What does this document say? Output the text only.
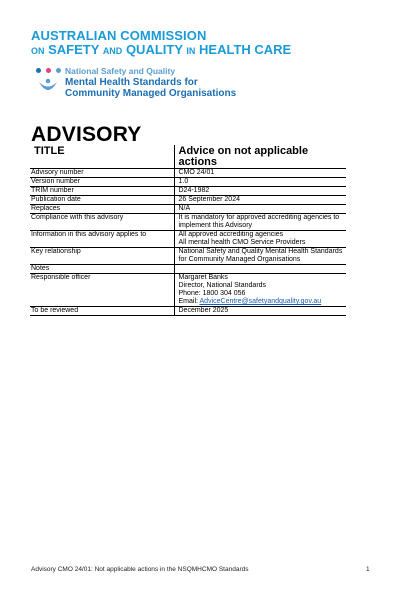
AUSTRALIAN COMMISSION
ON SAFETY AND QUALITY IN HEALTH CARE
National Safety and Quality
Mental Health Standards for
Community Managed Organisations
ADVISORY
TITLE	Advice on not applicable actions
Advisory number	CMO 24/01

Version number	1.0

TRIM number	D24-1982

Publication date	26 September 2024

Replaces	N/A

Compliance with this advisory	It is mandatory for approved accrediting agencies to
implement this Advisory

Information in this advisory applies to	All approved accrediting agencies
All mental health CMO Service Providers

Key relationship	National Safety and Quality Mental Health Standards
for Community Managed Organisations

Notes	

Responsible officer	Margaret Banks
Director, National Standards
Phone: 1800 304 056
Email: AdviceCentre@safetyandquality.gov.au

To be reviewed	December 2025
Advisory CMO 24/01: Not applicable actions in the NSQMHCMO Standards	1
